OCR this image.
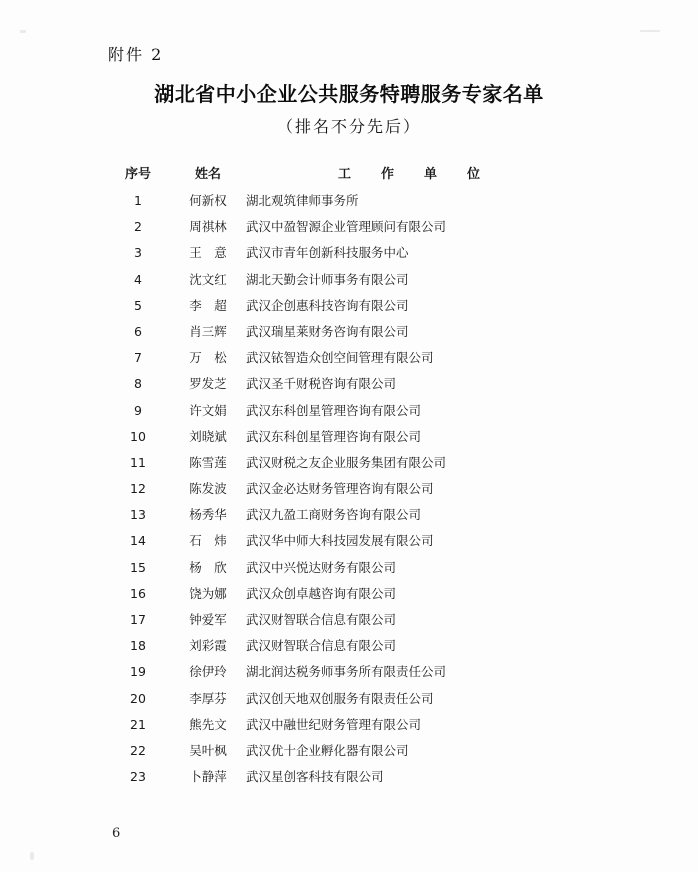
附件 2
湖北省中小企业公共服务特聘服务专家名单
（排名不分先后）
序号	姓名	工作单位
1	何新权	湖北观筑律师事务所
2	周祺林	武汉中盈智源企业管理顾问有限公司
3	王　意	武汉市青年创新科技服务中心
4	沈文红	湖北天勤会计师事务有限公司
5	李　超	武汉企创惠科技咨询有限公司
6	肖三辉	武汉瑞星莱财务咨询有限公司
7	万　松	武汉铱智造众创空间管理有限公司
8	罗发芝	武汉圣千财税咨询有限公司
9	许文娟	武汉东科创星管理咨询有限公司
10	刘晓斌	武汉东科创星管理咨询有限公司
11	陈雪莲	武汉财税之友企业服务集团有限公司
12	陈发波	武汉金必达财务管理咨询有限公司
13	杨秀华	武汉九盈工商财务咨询有限公司
14	石　炜	武汉华中师大科技园发展有限公司
15	杨　欣	武汉中兴悦达财务有限公司
16	饶为娜	武汉众创卓越咨询有限公司
17	钟爱军	武汉财智联合信息有限公司
18	刘彩霞	武汉财智联合信息有限公司
19	徐伊玲	湖北润达税务师事务所有限责任公司
20	李厚芬	武汉创天地双创服务有限责任公司
21	熊先文	武汉中融世纪财务管理有限公司
22	吴叶枫	武汉优十企业孵化器有限公司
23	卜静萍	武汉星创客科技有限公司
6
